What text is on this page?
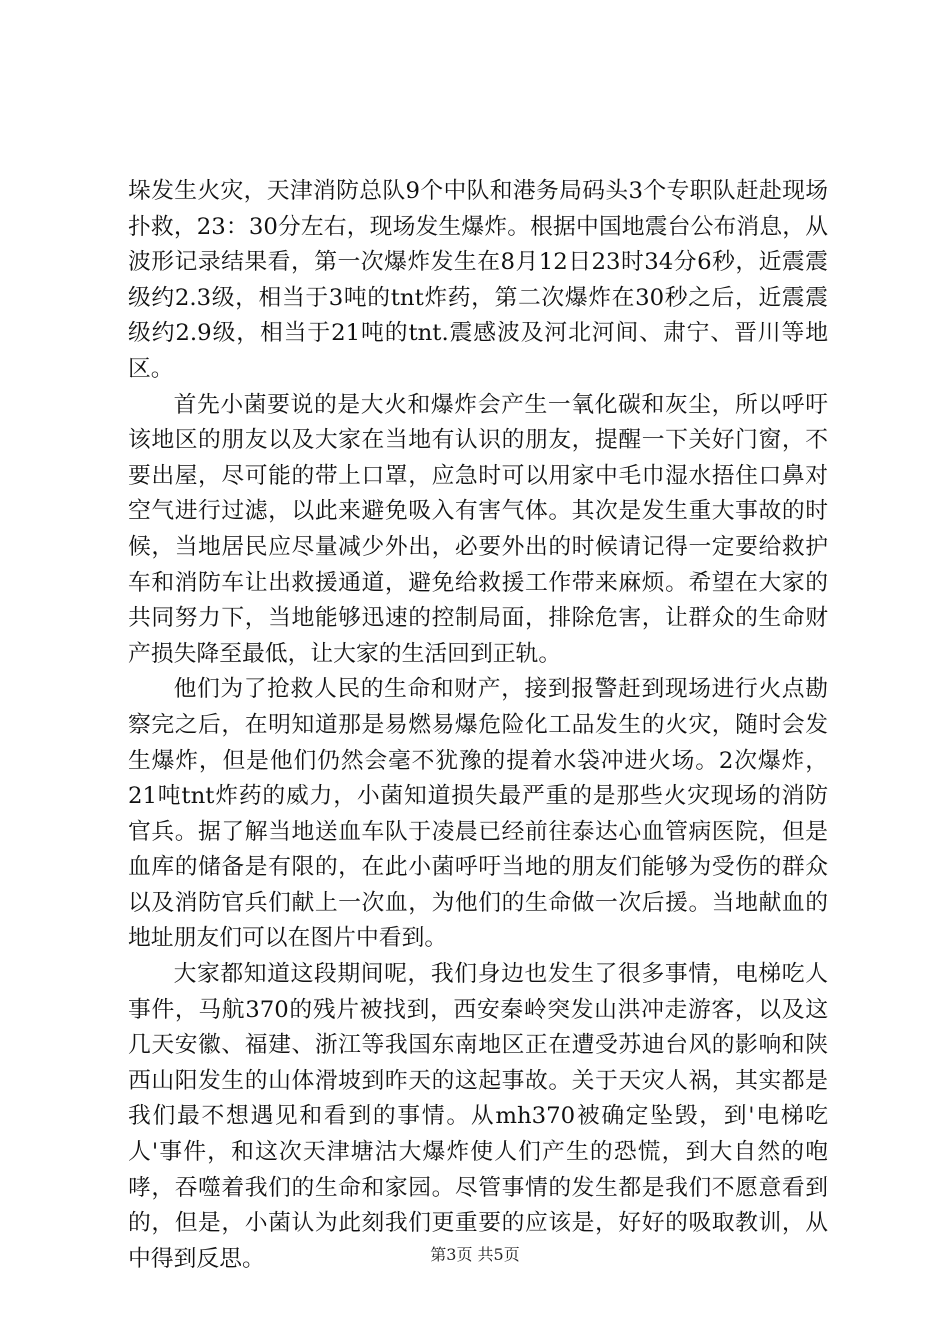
垛发生火灾，天津消防总队9个中队和港务局码头3个专职队赶赴现场扑救，23：30分左右，现场发生爆炸。根据中国地震台公布消息，从波形记录结果看，第一次爆炸发生在8月12日23时34分6秒，近震震级约2.3级，相当于3吨的tnt炸药，第二次爆炸在30秒之后，近震震级约2.9级，相当于21吨的tnt.震感波及河北河间、肃宁、晋川等地区。

首先小菌要说的是大火和爆炸会产生一氧化碳和灰尘，所以呼吁该地区的朋友以及大家在当地有认识的朋友，提醒一下关好门窗，不要出屋，尽可能的带上口罩，应急时可以用家中毛巾湿水捂住口鼻对空气进行过滤，以此来避免吸入有害气体。其次是发生重大事故的时候，当地居民应尽量减少外出，必要外出的时候请记得一定要给救护车和消防车让出救援通道，避免给救援工作带来麻烦。希望在大家的共同努力下，当地能够迅速的控制局面，排除危害，让群众的生命财产损失降至最低，让大家的生活回到正轨。

他们为了抢救人民的生命和财产，接到报警赶到现场进行火点勘察完之后，在明知道那是易燃易爆危险化工品发生的火灾，随时会发生爆炸，但是他们仍然会毫不犹豫的提着水袋冲进火场。2次爆炸，21吨tnt炸药的威力，小菌知道损失最严重的是那些火灾现场的消防官兵。据了解当地送血车队于凌晨已经前往泰达心血管病医院，但是血库的储备是有限的，在此小菌呼吁当地的朋友们能够为受伤的群众以及消防官兵们献上一次血，为他们的生命做一次后援。当地献血的地址朋友们可以在图片中看到。

大家都知道这段期间呢，我们身边也发生了很多事情，电梯吃人事件，马航370的残片被找到，西安秦岭突发山洪冲走游客，以及这几天安徽、福建、浙江等我国东南地区正在遭受苏迪台风的影响和陕西山阳发生的山体滑坡到昨天的这起事故。关于天灾人祸，其实都是我们最不想遇见和看到的事情。从mh370被确定坠毁，到'电梯吃人'事件，和这次天津塘沽大爆炸使人们产生的恐慌，到大自然的咆哮，吞噬着我们的生命和家园。尽管事情的发生都是我们不愿意看到的，但是，小菌认为此刻我们更重要的应该是，好好的吸取教训，从中得到反思。	第3页 共5页
